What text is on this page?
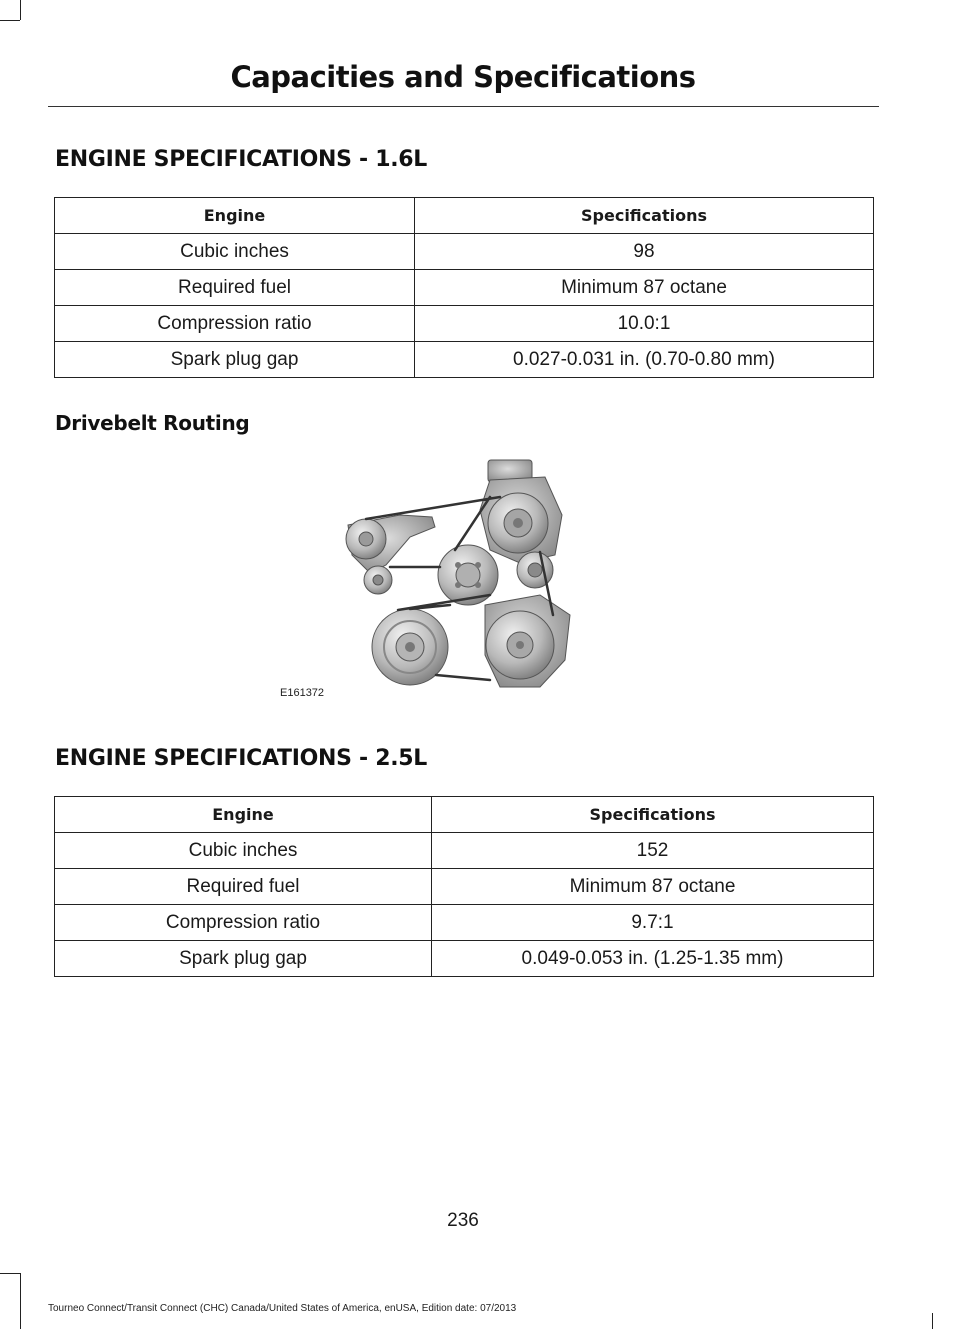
Capacities and Specifications
ENGINE SPECIFICATIONS - 1.6L
Engine	Specifications
Cubic inches	98
Required fuel	Minimum 87 octane
Compression ratio	10.0:1
Spark plug gap	0.027-0.031 in. (0.70-0.80 mm)
Drivebelt Routing
E161372
ENGINE SPECIFICATIONS - 2.5L
Engine	Specifications
Cubic inches	152
Required fuel	Minimum 87 octane
Compression ratio	9.7:1
Spark plug gap	0.049-0.053 in. (1.25-1.35 mm)
236
Tourneo Connect/Transit Connect (CHC) Canada/United States of America, enUSA, Edition date: 07/2013
